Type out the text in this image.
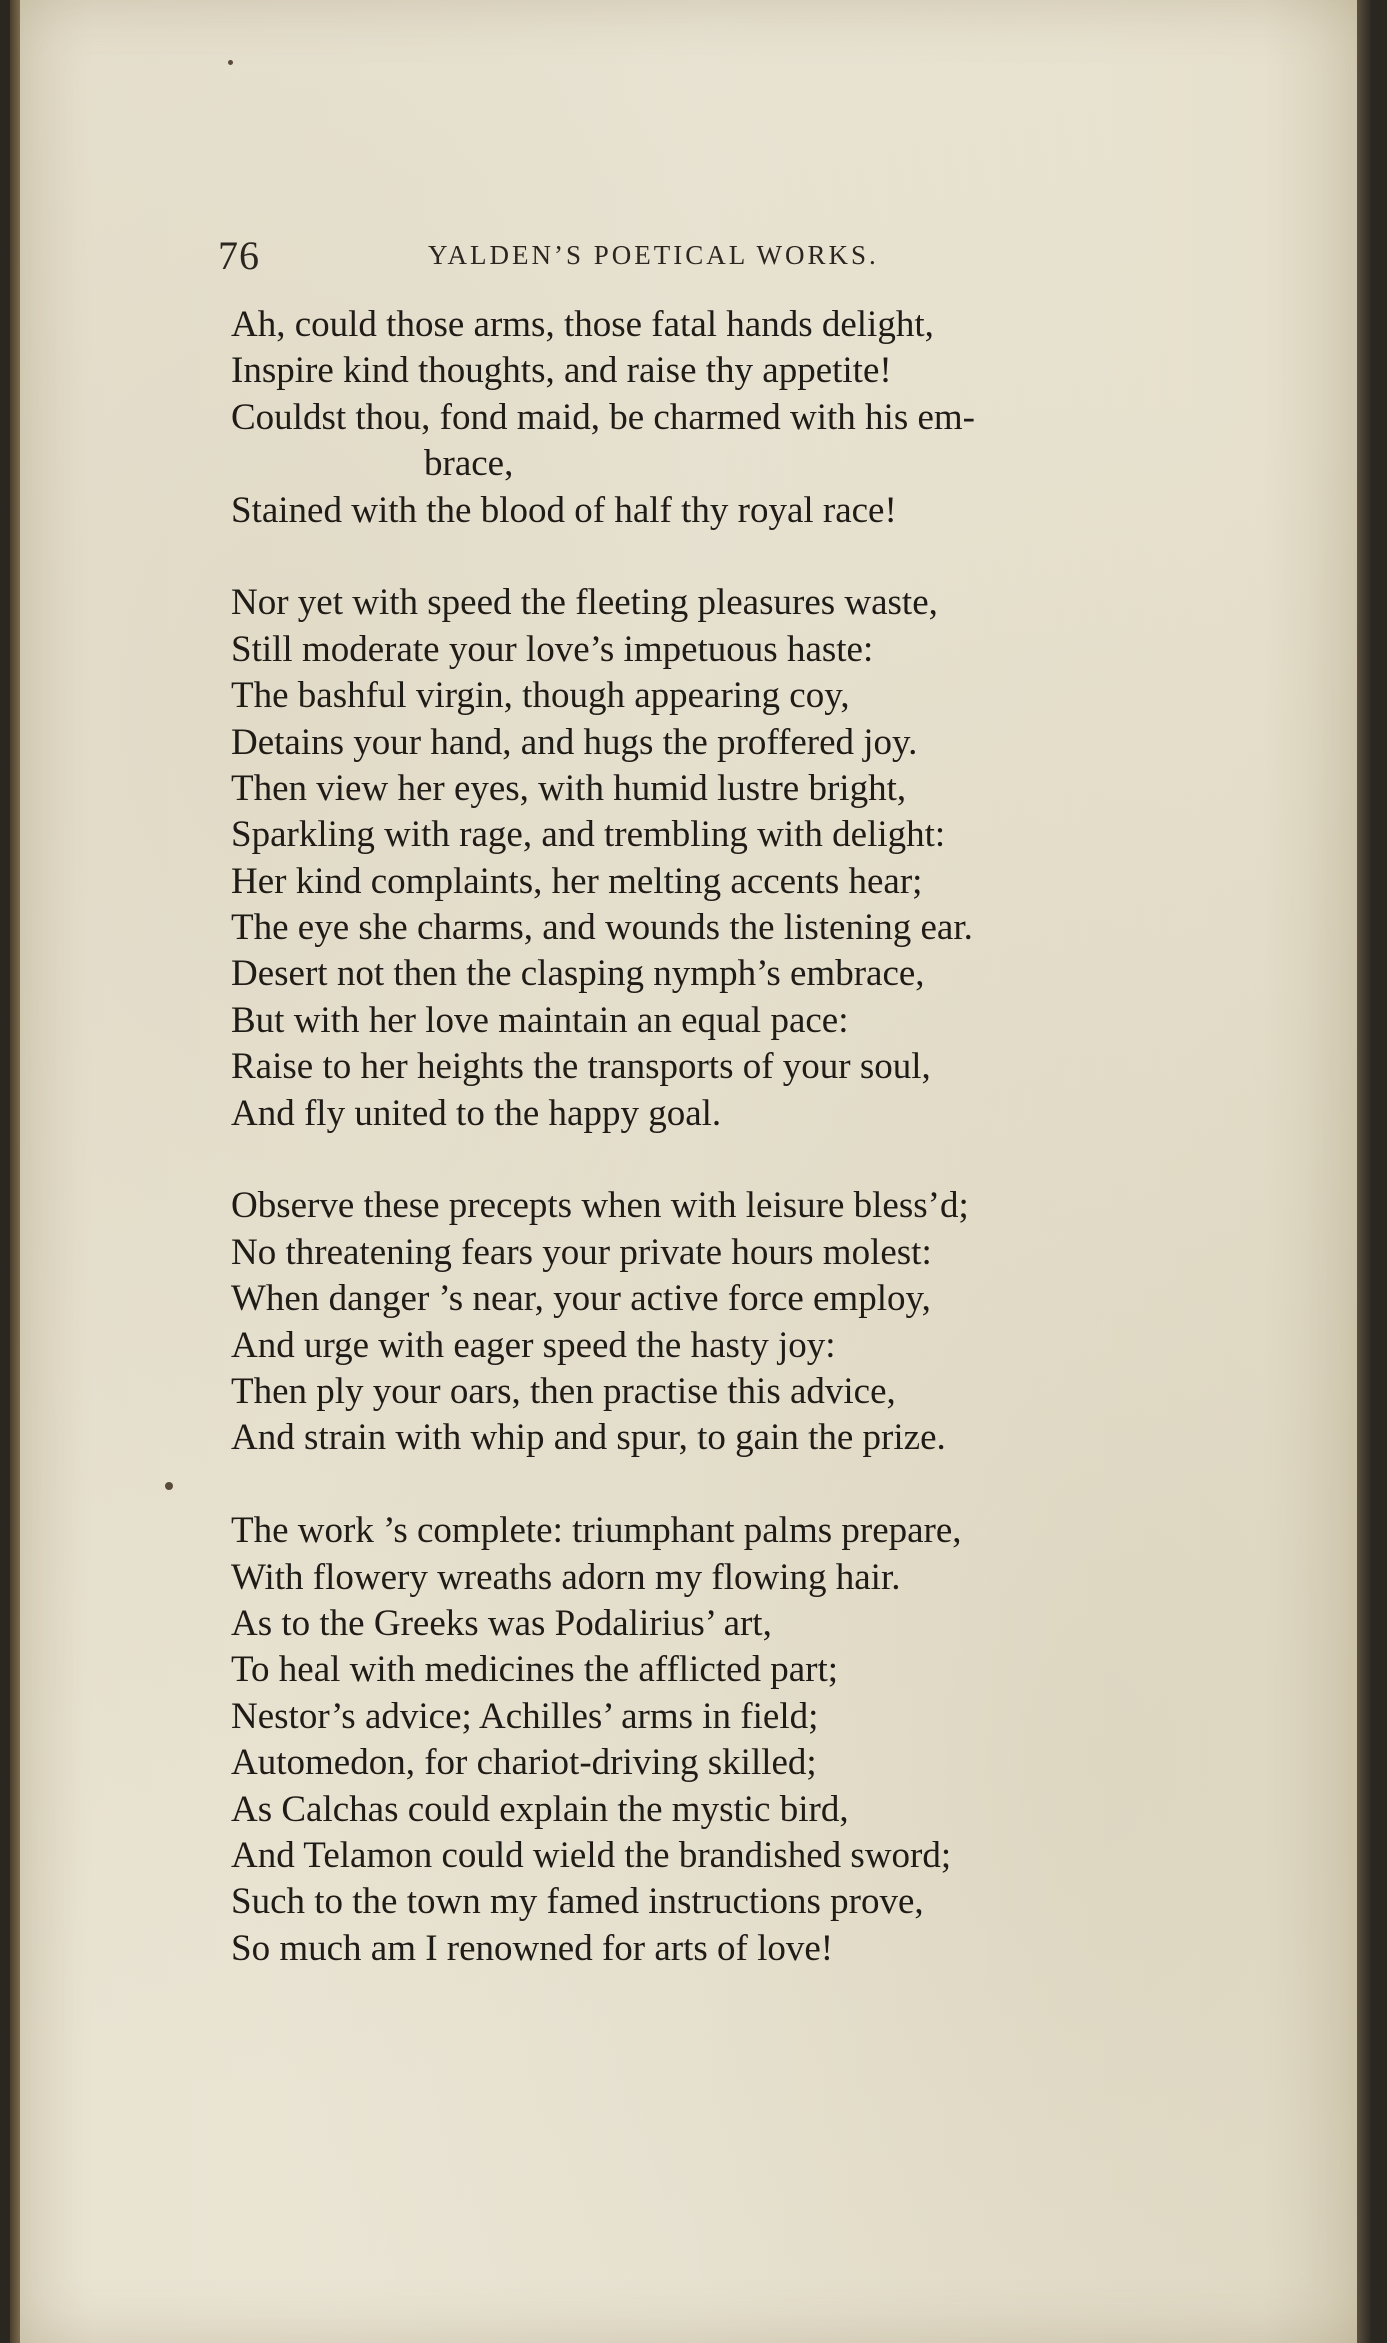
76	YALDEN’S POETICAL WORKS.
Ah, could those arms, those fatal hands delight,
Inspire kind thoughts, and raise thy appetite!
Couldst thou, fond maid, be charmed with his em-
brace,
Stained with the blood of half thy royal race!
Nor yet with speed the fleeting pleasures waste,
Still moderate your love’s impetuous haste:
The bashful virgin, though appearing coy,
Detains your hand, and hugs the proffered joy.
Then view her eyes, with humid lustre bright,
Sparkling with rage, and trembling with delight:
Her kind complaints, her melting accents hear;
The eye she charms, and wounds the listening ear.
Desert not then the clasping nymph’s embrace,
But with her love maintain an equal pace:
Raise to her heights the transports of your soul,
And fly united to the happy goal.
Observe these precepts when with leisure bless’d;
No threatening fears your private hours molest:
When danger ’s near, your active force employ,
And urge with eager speed the hasty joy:
Then ply your oars, then practise this advice,
And strain with whip and spur, to gain the prize.
The work ’s complete: triumphant palms prepare,
With flowery wreaths adorn my flowing hair.
As to the Greeks was Podalirius’ art,
To heal with medicines the afflicted part;
Nestor’s advice; Achilles’ arms in field;
Automedon, for chariot-driving skilled;
As Calchas could explain the mystic bird,
And Telamon could wield the brandished sword;
Such to the town my famed instructions prove,
So much am I renowned for arts of love!
